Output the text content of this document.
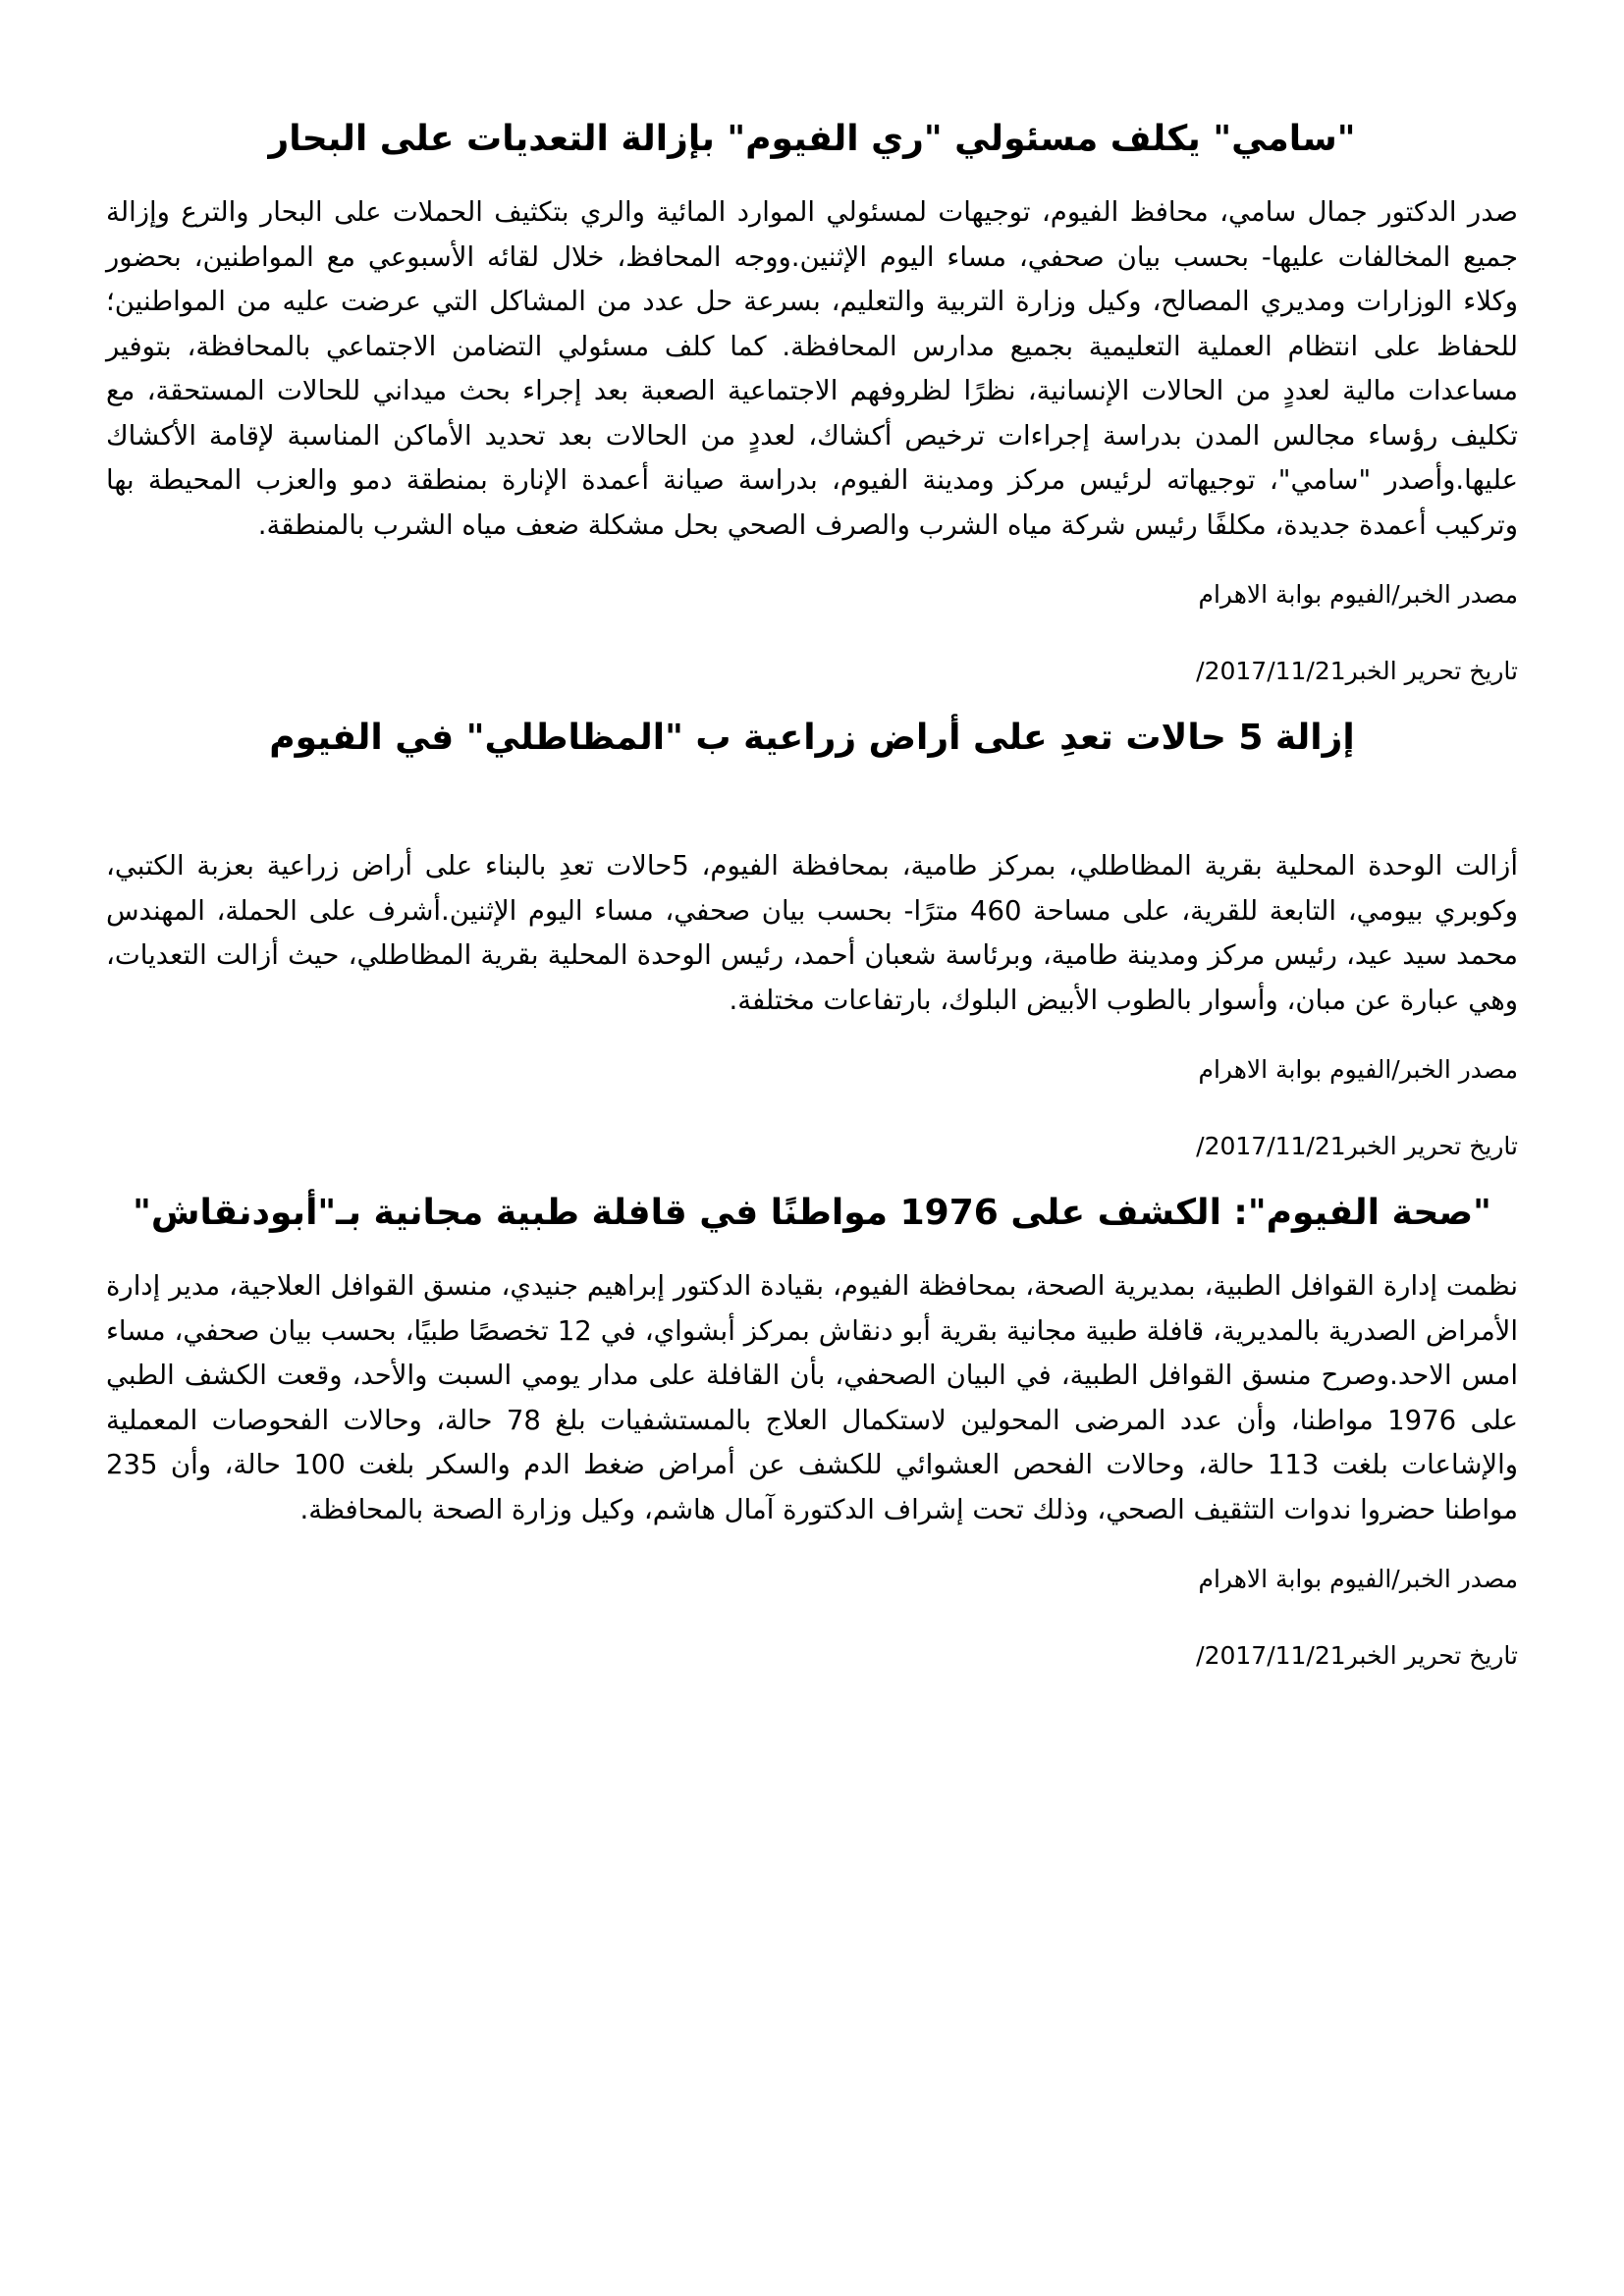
"سامي" يكلف مسئولي "ري الفيوم" بإزالة التعديات على البحار

صدر الدكتور جمال سامي، محافظ الفيوم، توجيهات لمسئولي الموارد المائية والري بتكثيف الحملات على البحار والترع وإزالة جميع المخالفات عليها- بحسب بيان صحفي، مساء اليوم الإثنين.ووجه المحافظ، خلال لقائه الأسبوعي مع المواطنين، بحضور وكلاء الوزارات ومديري المصالح، وكيل وزارة التربية والتعليم، بسرعة حل عدد من المشاكل التي عرضت عليه من المواطنين؛ للحفاظ على انتظام العملية التعليمية بجميع مدارس المحافظة. كما كلف مسئولي التضامن الاجتماعي بالمحافظة، بتوفير مساعدات مالية لعددٍ من الحالات الإنسانية، نظرًا لظروفهم الاجتماعية الصعبة بعد إجراء بحث ميداني للحالات المستحقة، مع تكليف رؤساء مجالس المدن بدراسة إجراءات ترخيص أكشاك، لعددٍ من الحالات بعد تحديد الأماكن المناسبة لإقامة الأكشاك عليها.وأصدر "سامي"، توجيهاته لرئيس مركز ومدينة الفيوم، بدراسة صيانة أعمدة الإنارة بمنطقة دمو والعزب المحيطة بها وتركيب أعمدة جديدة، مكلفًا رئيس شركة مياه الشرب والصرف الصحي بحل مشكلة ضعف مياه الشرب بالمنطقة.

مصدر الخبر/الفيوم بوابة الاهرام

تاريخ تحرير الخبر2017/11/21/

إزالة 5 حالات تعدِ على أراض زراعية ب "المظاطلي" في الفيوم

أزالت الوحدة المحلية بقرية المظاطلي، بمركز طامية، بمحافظة الفيوم، 5حالات تعدِ بالبناء على أراض زراعية بعزبة الكتبي، وكوبري بيومي، التابعة للقرية، على مساحة 460 مترًا- بحسب بيان صحفي، مساء اليوم الإثنين.أشرف على الحملة، المهندس محمد سيد عيد، رئيس مركز ومدينة طامية، وبرئاسة شعبان أحمد، رئيس الوحدة المحلية بقرية المظاطلي، حيث أزالت التعديات، وهي عبارة عن مبان، وأسوار بالطوب الأبيض البلوك، بارتفاعات مختلفة.

مصدر الخبر/الفيوم بوابة الاهرام

تاريخ تحرير الخبر2017/11/21/

"صحة الفيوم": الكشف على 1976 مواطنًا في قافلة طبية مجانية بـ"أبودنقاش"

نظمت إدارة القوافل الطبية، بمديرية الصحة، بمحافظة الفيوم، بقيادة الدكتور إبراهيم جنيدي، منسق القوافل العلاجية، مدير إدارة الأمراض الصدرية بالمديرية، قافلة طبية مجانية بقرية أبو دنقاش بمركز أبشواي، في 12 تخصصًا طبيًا، بحسب بيان صحفي، مساء امس الاحد.وصرح منسق القوافل الطبية، في البيان الصحفي، بأن القافلة على مدار يومي السبت والأحد، وقعت الكشف الطبي على 1976 مواطنا، وأن عدد المرضى المحولين لاستكمال العلاج بالمستشفيات بلغ 78 حالة، وحالات الفحوصات المعملية والإشاعات بلغت 113 حالة، وحالات الفحص العشوائي للكشف عن أمراض ضغط الدم والسكر بلغت 100 حالة، وأن 235 مواطنا حضروا ندوات التثقيف الصحي، وذلك تحت إشراف الدكتورة آمال هاشم، وكيل وزارة الصحة بالمحافظة.

مصدر الخبر/الفيوم بوابة الاهرام

تاريخ تحرير الخبر2017/11/21/
